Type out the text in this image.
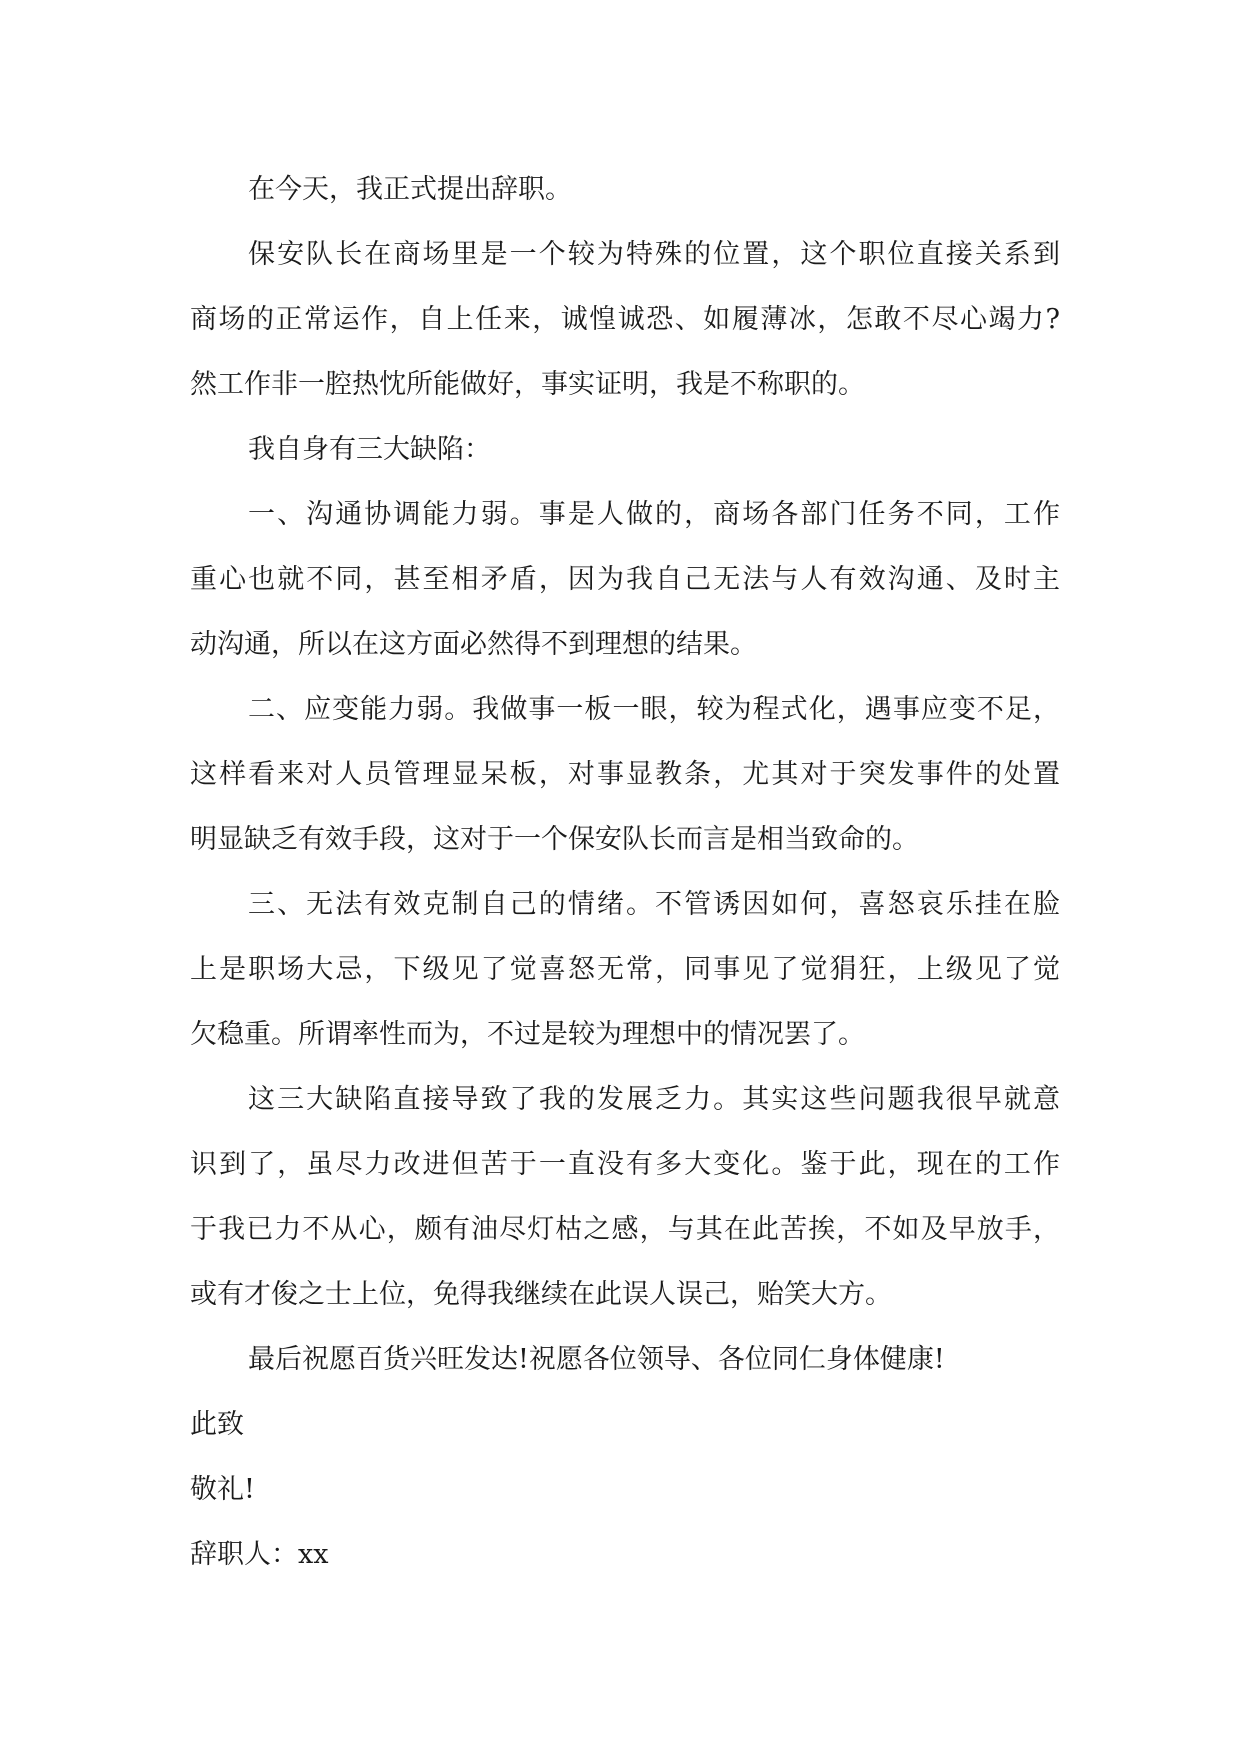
在今天，我正式提出辞职。

保安队长在商场里是一个较为特殊的位置，这个职位直接关系到
商场的正常运作，自上任来，诚惶诚恐、如履薄冰，怎敢不尽心竭力?
然工作非一腔热忱所能做好，事实证明，我是不称职的。

我自身有三大缺陷：

一、沟通协调能力弱。事是人做的，商场各部门任务不同，工作
重心也就不同，甚至相矛盾，因为我自己无法与人有效沟通、及时主
动沟通，所以在这方面必然得不到理想的结果。

二、应变能力弱。我做事一板一眼，较为程式化，遇事应变不足，
这样看来对人员管理显呆板，对事显教条，尤其对于突发事件的处置
明显缺乏有效手段，这对于一个保安队长而言是相当致命的。

三、无法有效克制自己的情绪。不管诱因如何，喜怒哀乐挂在脸
上是职场大忌，下级见了觉喜怒无常，同事见了觉狷狂，上级见了觉
欠稳重。所谓率性而为，不过是较为理想中的情况罢了。

这三大缺陷直接导致了我的发展乏力。其实这些问题我很早就意
识到了，虽尽力改进但苦于一直没有多大变化。鉴于此，现在的工作
于我已力不从心，颇有油尽灯枯之感，与其在此苦挨，不如及早放手，
或有才俊之士上位，免得我继续在此误人误己，贻笑大方。

最后祝愿百货兴旺发达!祝愿各位领导、各位同仁身体健康!

此致

敬礼!

辞职人：xx
